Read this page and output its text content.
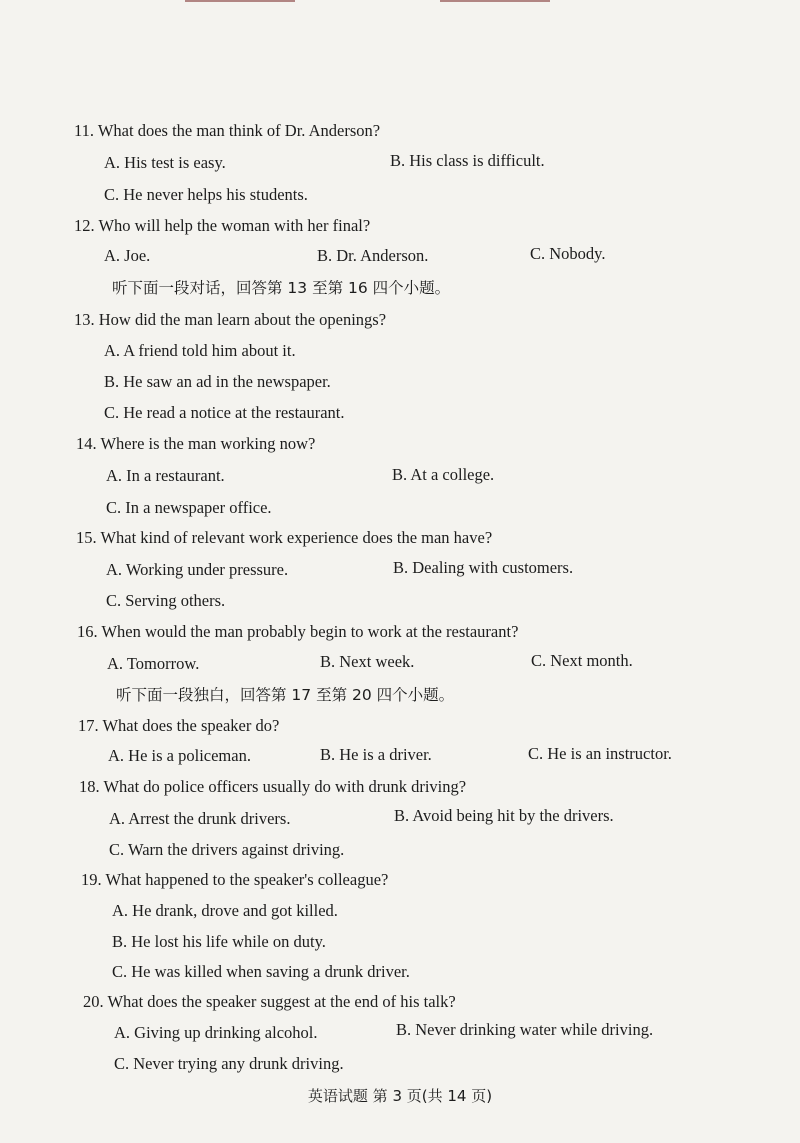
11. What does the man think of Dr. Anderson?
A. His test is easy.	B. His class is difficult.
C. He never helps his students.
12. Who will help the woman with her final?
A. Joe.	B. Dr. Anderson.	C. Nobody.
听下面一段对话，回答第 13 至第 16 四个小题。
13. How did the man learn about the openings?
A. A friend told him about it.
B. He saw an ad in the newspaper.
C. He read a notice at the restaurant.
14. Where is the man working now?
A. In a restaurant.	B. At a college.
C. In a newspaper office.
15. What kind of relevant work experience does the man have?
A. Working under pressure.	B. Dealing with customers.
C. Serving others.
16. When would the man probably begin to work at the restaurant?
A. Tomorrow.	B. Next week.	C. Next month.
听下面一段独白，回答第 17 至第 20 四个小题。
17. What does the speaker do?
A. He is a policeman.	B. He is a driver.	C. He is an instructor.
18. What do police officers usually do with drunk driving?
A. Arrest the drunk drivers.	B. Avoid being hit by the drivers.
C. Warn the drivers against driving.
19. What happened to the speaker's colleague?
A. He drank, drove and got killed.
B. He lost his life while on duty.
C. He was killed when saving a drunk driver.
20. What does the speaker suggest at the end of his talk?
A. Giving up drinking alcohol.	B. Never drinking water while driving.
C. Never trying any drunk driving.
英语试题 第 3 页(共 14 页)
